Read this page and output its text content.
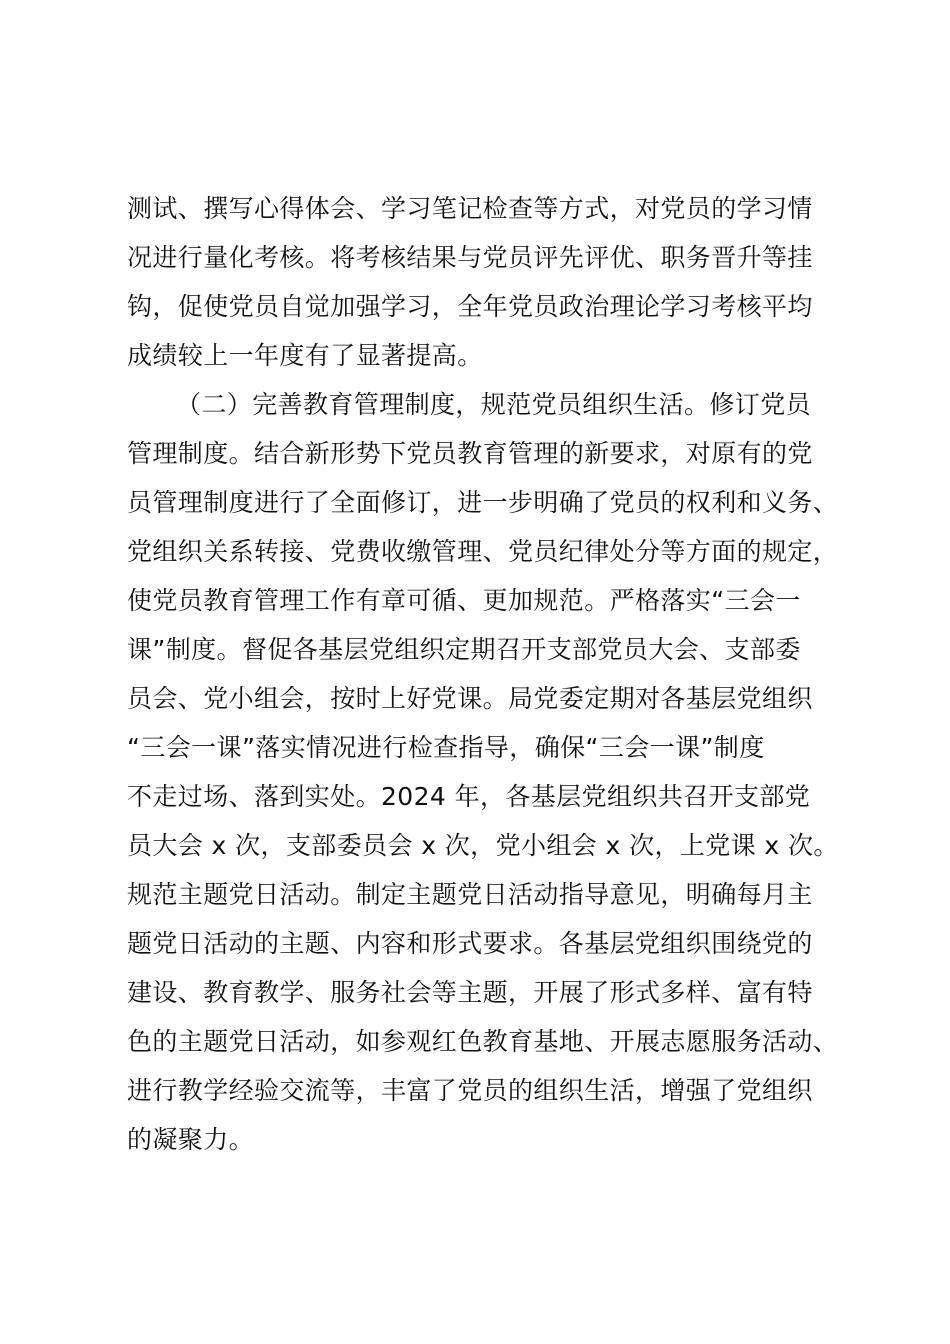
测试、撰写心得体会、学习笔记检查等方式，对党员的学习情
况进行量化考核。将考核结果与党员评先评优、职务晋升等挂
钩，促使党员自觉加强学习，全年党员政治理论学习考核平均
成绩较上一年度有了显著提高。
（二）完善教育管理制度，规范党员组织生活。修订党员
管理制度。结合新形势下党员教育管理的新要求，对原有的党
员管理制度进行了全面修订，进一步明确了党员的权利和义务、
党组织关系转接、党费收缴管理、党员纪律处分等方面的规定，
使党员教育管理工作有章可循、更加规范。严格落实“三会一
课”制度。督促各基层党组织定期召开支部党员大会、支部委
员会、党小组会，按时上好党课。局党委定期对各基层党组织
“三会一课”落实情况进行检查指导，确保“三会一课”制度
不走过场、落到实处。2024 年，各基层党组织共召开支部党
员大会 x 次，支部委员会 x 次，党小组会 x 次，上党课 x 次。
规范主题党日活动。制定主题党日活动指导意见，明确每月主
题党日活动的主题、内容和形式要求。各基层党组织围绕党的
建设、教育教学、服务社会等主题，开展了形式多样、富有特
色的主题党日活动，如参观红色教育基地、开展志愿服务活动、
进行教学经验交流等，丰富了党员的组织生活，增强了党组织
的凝聚力。
